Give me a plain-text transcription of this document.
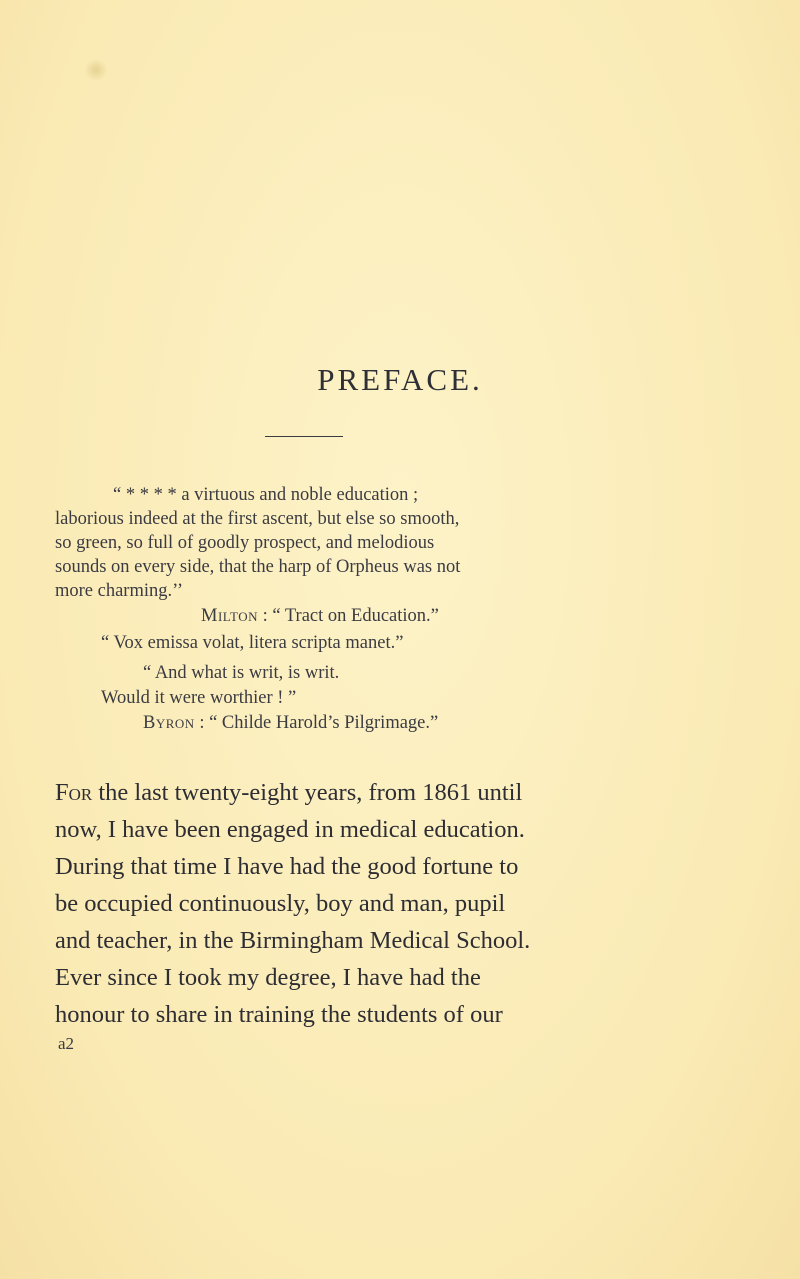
PREFACE.
“ * * * * a virtuous and noble education ;
laborious indeed at the first ascent, but else so smooth,
so green, so full of goodly prospect, and melodious
sounds on every side, that the harp of Orpheus was not
more charming.’’
Milton : “ Tract on Education.”
“ Vox emissa volat, litera scripta manet.”
“ And what is writ, is writ.
Would it were worthier ! ”
Byron : “ Childe Harold’s Pilgrimage.”
For the last twenty-eight years, from 1861 until
now, I have been engaged in medical education.
During that time I have had the good fortune to
be occupied continuously, boy and man, pupil
and teacher, in the Birmingham Medical School.
Ever since I took my degree, I have had the
honour to share in training the students of our
a2
